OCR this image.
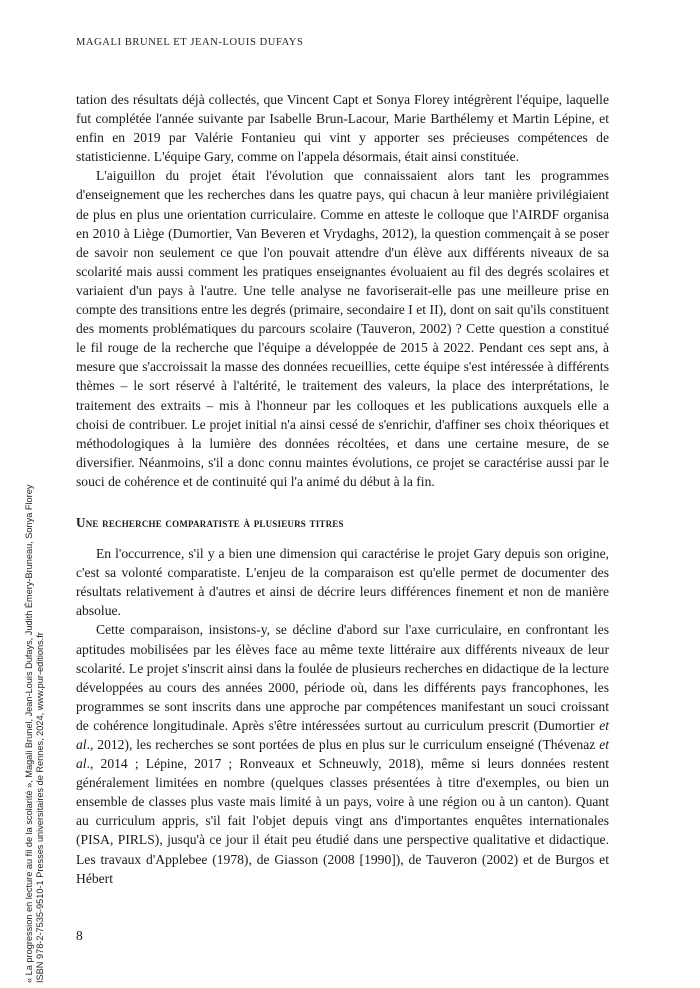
MAGALI BRUNEL ET JEAN-LOUIS DUFAYS

tation des résultats déjà collectés, que Vincent Capt et Sonya Florey intégrèrent l'équipe, laquelle fut complétée l'année suivante par Isabelle Brun-Lacour, Marie Barthélemy et Martin Lépine, et enfin en 2019 par Valérie Fontanieu qui vint y apporter ses précieuses compétences de statisticienne. L'équipe Gary, comme on l'appela désormais, était ainsi constituée.

L'aiguillon du projet était l'évolution que connaissaient alors tant les programmes d'enseignement que les recherches dans les quatre pays, qui chacun à leur manière privilégiaient de plus en plus une orientation curriculaire. Comme en atteste le colloque que l'AIRDF organisa en 2010 à Liège (Dumortier, Van Beveren et Vrydaghs, 2012), la question commençait à se poser de savoir non seulement ce que l'on pouvait attendre d'un élève aux différents niveaux de sa scolarité mais aussi comment les pratiques enseignantes évoluaient au fil des degrés scolaires et variaient d'un pays à l'autre. Une telle analyse ne favoriserait-elle pas une meilleure prise en compte des transitions entre les degrés (primaire, secondaire I et II), dont on sait qu'ils constituent des moments problématiques du parcours scolaire (Tauveron, 2002) ? Cette question a constitué le fil rouge de la recherche que l'équipe a développée de 2015 à 2022. Pendant ces sept ans, à mesure que s'accroissait la masse des données recueillies, cette équipe s'est intéressée à différents thèmes – le sort réservé à l'altérité, le traitement des valeurs, la place des interprétations, le traitement des extraits – mis à l'honneur par les colloques et les publications auxquels elle a choisi de contribuer. Le projet initial n'a ainsi cessé de s'enrichir, d'affiner ses choix théoriques et méthodologiques à la lumière des données récoltées, et dans une certaine mesure, de se diversifier. Néanmoins, s'il a donc connu maintes évolutions, ce projet se caractérise aussi par le souci de cohérence et de continuité qui l'a animé du début à la fin.

Une recherche comparatiste à plusieurs titres

En l'occurrence, s'il y a bien une dimension qui caractérise le projet Gary depuis son origine, c'est sa volonté comparatiste. L'enjeu de la comparaison est qu'elle permet de documenter des résultats relativement à d'autres et ainsi de décrire leurs différences finement et non de manière absolue.

Cette comparaison, insistons-y, se décline d'abord sur l'axe curriculaire, en confrontant les aptitudes mobilisées par les élèves face au même texte littéraire aux différents niveaux de leur scolarité. Le projet s'inscrit ainsi dans la foulée de plusieurs recherches en didactique de la lecture développées au cours des années 2000, période où, dans les différents pays francophones, les programmes se sont inscrits dans une approche par compétences manifestant un souci croissant de cohérence longitudinale. Après s'être intéressées surtout au curriculum prescrit (Dumortier et al., 2012), les recherches se sont portées de plus en plus sur le curriculum enseigné (Thévenaz et al., 2014 ; Lépine, 2017 ; Ronveaux et Schneuwly, 2018), même si leurs données restent généralement limitées en nombre (quelques classes présentées à titre d'exemples, ou bien un ensemble de classes plus vaste mais limité à un pays, voire à une région ou à un canton). Quant au curriculum appris, s'il fait l'objet depuis vingt ans d'importantes enquêtes internationales (PISA, PIRLS), jusqu'à ce jour il était peu étudié dans une perspective qualitative et didactique. Les travaux d'Applebee (1978), de Giasson (2008 [1990]), de Tauveron (2002) et de Burgos et Hébert

8
« La progression en lecture au fil de la scolarité », Magali Brunel, Jean-Louis Dufays, Judith Émery-Bruneau, Sonya Florey ISBN 978-2-7535-9510-1 Presses universitaires de Rennes, 2024, www.pur-editions.fr
